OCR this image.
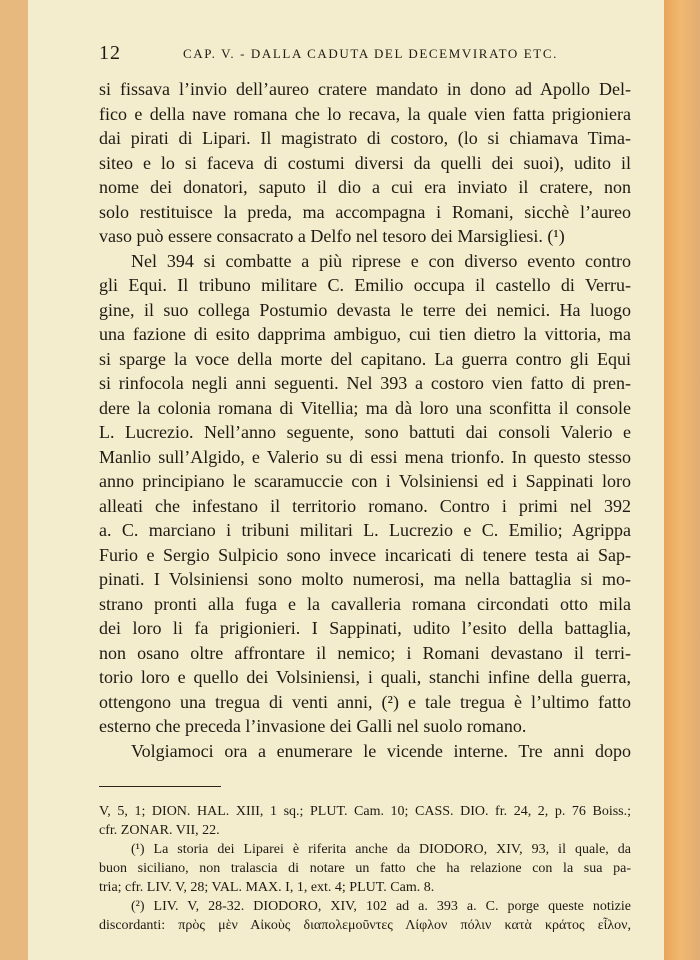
12	CAP. V. - DALLA CADUTA DEL DECEMVIRATO ETC.
si fissava l’invio dell’aureo cratere mandato in dono ad Apollo Del-
fico e della nave romana che lo recava, la quale vien fatta prigioniera
dai pirati di Lipari. Il magistrato di costoro, (lo si chiamava Tima-
siteo e lo si faceva di costumi diversi da quelli dei suoi), udito il
nome dei donatori, saputo il dio a cui era inviato il cratere, non
solo restituisce la preda, ma accompagna i Romani, sicchè l’aureo
vaso può essere consacrato a Delfo nel tesoro dei Marsigliesi. (¹)
Nel 394 si combatte a più riprese e con diverso evento contro
gli Equi. Il tribuno militare C. Emilio occupa il castello di Verru-
gine, il suo collega Postumio devasta le terre dei nemici. Ha luogo
una fazione di esito dapprima ambiguo, cui tien dietro la vittoria, ma
si sparge la voce della morte del capitano. La guerra contro gli Equi
si rinfocola negli anni seguenti. Nel 393 a costoro vien fatto di pren-
dere la colonia romana di Vitellia; ma dà loro una sconfitta il console
L. Lucrezio. Nell’anno seguente, sono battuti dai consoli Valerio e
Manlio sull’Algido, e Valerio su di essi mena trionfo. In questo stesso
anno principiano le scaramuccie con i Volsiniensi ed i Sappinati loro
alleati che infestano il territorio romano. Contro i primi nel 392
a. C. marciano i tribuni militari L. Lucrezio e C. Emilio; Agrippa
Furio e Sergio Sulpicio sono invece incaricati di tenere testa ai Sap-
pinati. I Volsiniensi sono molto numerosi, ma nella battaglia si mo-
strano pronti alla fuga e la cavalleria romana circondati otto mila
dei loro li fa prigionieri. I Sappinati, udito l’esito della battaglia,
non osano oltre affrontare il nemico; i Romani devastano il terri-
torio loro e quello dei Volsiniensi, i quali, stanchi infine della guerra,
ottengono una tregua di venti anni, (²) e tale tregua è l’ultimo fatto
esterno che preceda l’invasione dei Galli nel suolo romano.
Volgiamoci ora a enumerare le vicende interne. Tre anni dopo
V, 5, 1; DION. HAL. XIII, 1 sq.; PLUT. Cam. 10; CASS. DIO. fr. 24, 2, p. 76 Boiss.;
cfr. ZONAR. VII, 22.
(¹) La storia dei Liparei è riferita anche da DIODORO, XIV, 93, il quale, da
buon siciliano, non tralascia di notare un fatto che ha relazione con la sua pa-
tria; cfr. LIV. V, 28; VAL. MAX. I, 1, ext. 4; PLUT. Cam. 8.
(²) LIV. V, 28-32. DIODORO, XIV, 102 ad a. 393 a. C. porge queste notizie
discordanti: πρὸς μὲν Αἰκοὺς διαπολεμοῦντες Λίφλον πόλιν κατὰ κράτος εἶλον,
